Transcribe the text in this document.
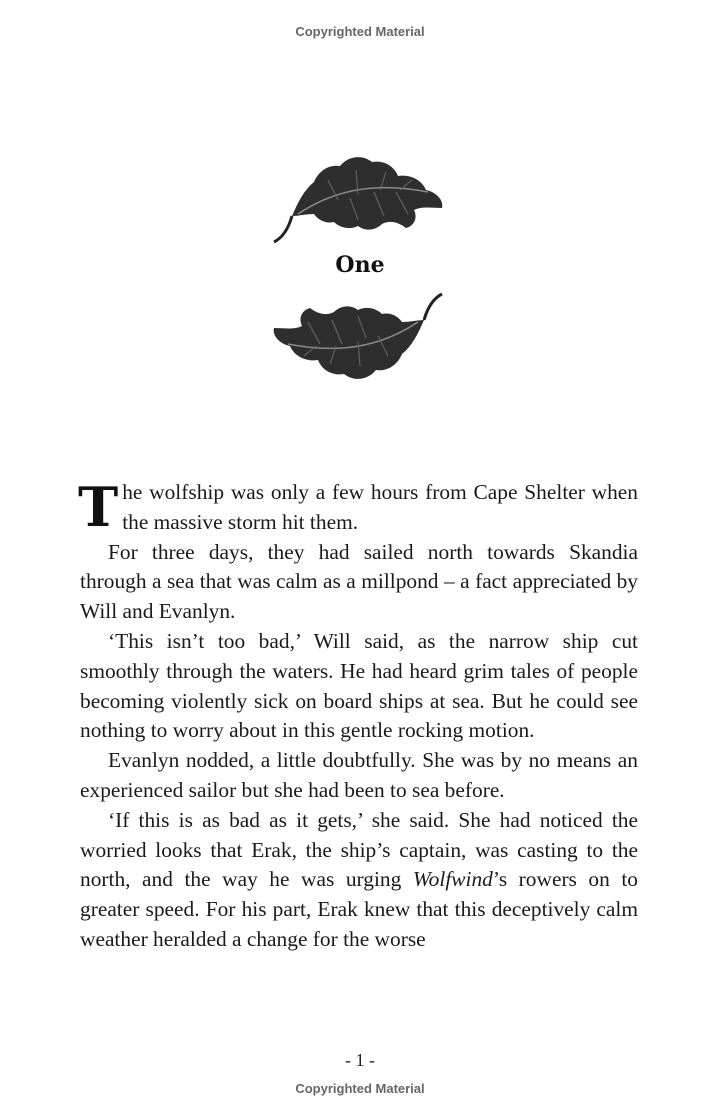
Copyrighted Material
One

The wolfship was only a few hours from Cape Shelter when the massive storm hit them.

For three days, they had sailed north towards Skandia through a sea that was calm as a millpond – a fact appreciated by Will and Evanlyn.

‘This isn’t too bad,’ Will said, as the narrow ship cut smoothly through the waters. He had heard grim tales of people becoming violently sick on board ships at sea. But he could see nothing to worry about in this gentle rocking motion.

Evanlyn nodded, a little doubtfully. She was by no means an experienced sailor but she had been to sea before.

‘If this is as bad as it gets,’ she said. She had noticed the worried looks that Erak, the ship’s captain, was casting to the north, and the way he was urging Wolfwind’s rowers on to greater speed. For his part, Erak knew that this deceptively calm weather heralded a change for the worse

- 1 -
Copyrighted Material
